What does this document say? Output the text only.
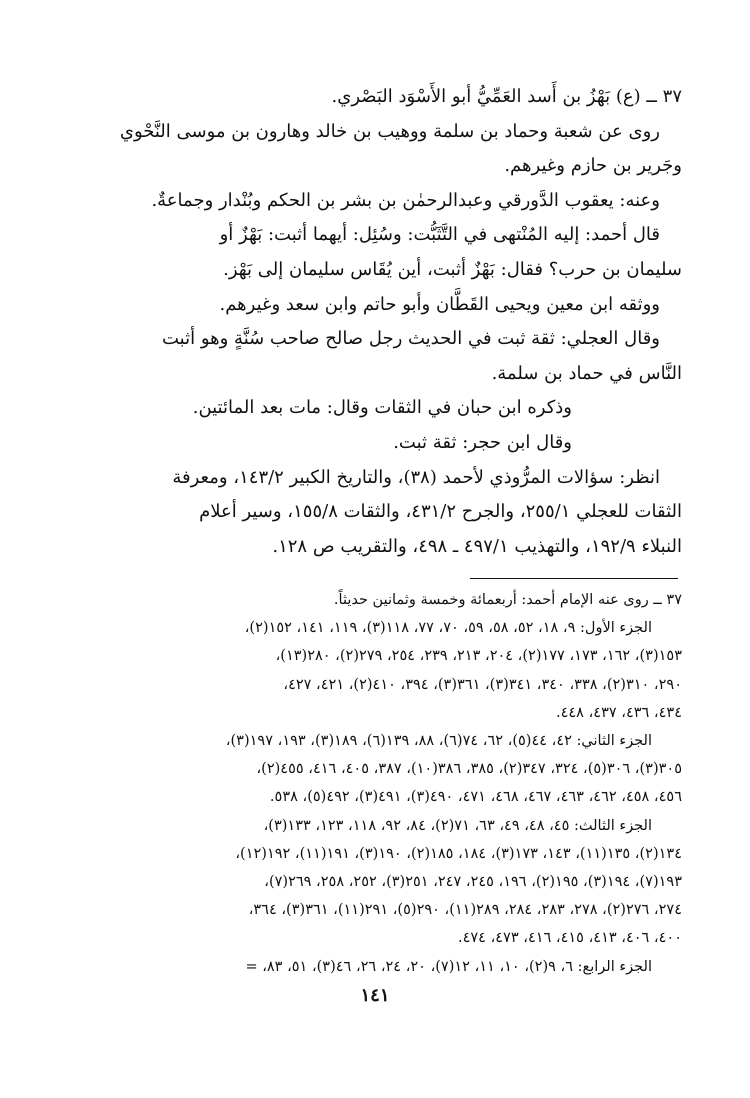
٣٧ ــ (ع) بَهْزُ بن أَسد العَمِّيُّ أبو الأَسْوَد البَصْري.

روى عن شعبة وحماد بن سلمة ووهيب بن خالد وهارون بن موسى النَّحْوي

وجَرير بن حازم وغيرهم.

وعنه: يعقوب الدَّورقي وعبدالرحمٰن بن بشر بن الحكم وبُنْدار وجماعةٌ.

قال أحمد: إليه المُنْتهى في التَّثَبُّت: وسُئِل: أيهما أثبت: بَهْزٌ أو

سليمان بن حرب؟ فقال: بَهْزٌ أثبت، أين يُقَاس سليمان إلى بَهْز.

ووثقه ابن معين ويحيى القَطَّان وأبو حاتم وابن سعد وغيرهم.

وقال العجلي: ثقة ثبت في الحديث رجل صالح صاحب سُنَّةٍ وهو أثبت

النَّاس في حماد بن سلمة.

وذكره ابن حبان في الثقات وقال: مات بعد المائتين.

وقال ابن حجر: ثقة ثبت.

انظر: سؤالات المرُّوذي لأحمد (٣٨)، والتاريخ الكبير ١٤٣/٢، ومعرفة

الثقات للعجلي ٢٥٥/١، والجرح ٤٣١/٢، والثقات ١٥٥/٨، وسير أعلام

النبلاء ١٩٢/٩، والتهذيب ٤٩٧/١ ـ ٤٩٨، والتقريب ص ١٢٨.

٣٧ ــ روى عنه الإمام أحمد: أربعمائة وخمسة وثمانين حديثاً.

الجزء الأول: ٩، ١٨، ٥٢، ٥٨، ٥٩، ٧٠، ٧٧، ١١٨(٣)، ١١٩، ١٤١، ١٥٢(٢)،

١٥٣(٣)، ١٦٢، ١٧٣، ١٧٧(٢)، ٢٠٤، ٢١٣، ٢٣٩، ٢٥٤، ٢٧٩(٢)، ٢٨٠(١٣)،

٢٩٠، ٣١٠(٢)، ٣٣٨، ٣٤٠، ٣٤١(٣)، ٣٦١(٣)، ٣٩٤، ٤١٠(٢)، ٤٢١، ٤٢٧،

٤٣٤، ٤٣٦، ٤٣٧، ٤٤٨.

الجزء الثاني: ٤٢، ٤٤(٥)، ٦٢، ٧٤(٦)، ٨٨، ١٣٩(٦)، ١٨٩(٣)، ١٩٣، ١٩٧(٣)،

٣٠٥(٣)، ٣٠٦(٥)، ٣٢٤، ٣٤٧(٢)، ٣٨٥، ٣٨٦(١٠)، ٣٨٧، ٤٠٥، ٤١٦، ٤٥٥(٢)،

٤٥٦، ٤٥٨، ٤٦٢، ٤٦٣، ٤٦٧، ٤٦٨، ٤٧١، ٤٩٠(٣)، ٤٩١(٣)، ٤٩٢(٥)، ٥٣٨.

الجزء الثالث: ٤٥، ٤٨، ٤٩، ٦٣، ٧١(٢)، ٨٤، ٩٢، ١١٨، ١٢٣، ١٣٣(٣)،

١٣٤(٢)، ١٣٥(١١)، ١٤٣، ١٧٣(٣)، ١٨٤، ١٨٥(٢)، ١٩٠(٣)، ١٩١(١١)، ١٩٢(١٢)،

١٩٣(٧)، ١٩٤(٣)، ١٩٥(٢)، ١٩٦، ٢٤٥، ٢٤٧، ٢٥١(٣)، ٢٥٢، ٢٥٨، ٢٦٩(٧)،

٢٧٤، ٢٧٦(٢)، ٢٧٨، ٢٨٣، ٢٨٤، ٢٨٩(١١)، ٢٩٠(٥)، ٢٩١(١١)، ٣٦١(٣)، ٣٦٤،

٤٠٠، ٤٠٦، ٤١٣، ٤١٥، ٤١٦، ٤٧٣، ٤٧٤.

الجزء الرابع: ٦، ٩(٢)، ١٠، ١١، ١٢(٧)، ٢٠، ٢٤، ٢٦، ٤٦(٣)، ٥١، ٨٣، =

١٤١
